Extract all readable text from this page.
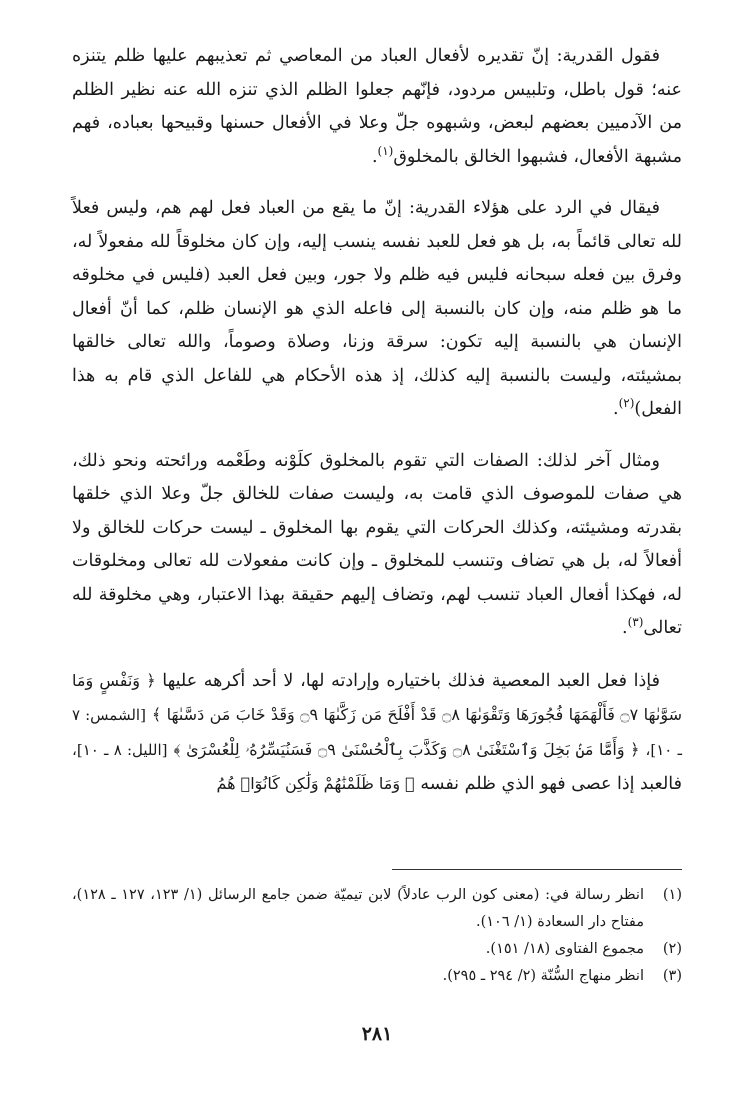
فقول القدرية: إنّ تقديره لأفعال العباد من المعاصي ثم تعذيبهم عليها ظلم يتنزه عنه؛ قول باطل، وتلبيس مردود، فإنّهم جعلوا الظلم الذي تنزه الله عنه نظير الظلم من الآدميين بعضهم لبعض، وشبهوه جلّ وعلا في الأفعال حسنها وقبيحها بعباده، فهم مشبهة الأفعال، فشبهوا الخالق بالمخلوق$^{(١)}$.

فيقال في الرد على هؤلاء القدرية: إنّ ما يقع من العباد فعل لهم هم، وليس فعلاً لله تعالى قائماً به، بل هو فعل للعبد نفسه ينسب إليه، وإن كان مخلوقاً لله مفعولاً له، وفرق بين فعله سبحانه فليس فيه ظلم ولا جور، وبين فعل العبد (فليس في مخلوقه ما هو ظلم منه، وإن كان بالنسبة إلى فاعله الذي هو الإنسان ظلم، كما أنّ أفعال الإنسان هي بالنسبة إليه تكون: سرقة وزنا، وصلاة وصوماً، والله تعالى خالقها بمشيئته، وليست بالنسبة إليه كذلك، إذ هذه الأحكام هي للفاعل الذي قام به هذا الفعل)$^{(٢)}$.

ومثال آخر لذلك: الصفات التي تقوم بالمخلوق كلَوْنه وطَعْمه ورائحته ونحو ذلك، هي صفات للموصوف الذي قامت به، وليست صفات للخالق جلّ وعلا الذي خلقها بقدرته ومشيئته، وكذلك الحركات التي يقوم بها المخلوق ـ ليست حركات للخالق ولا أفعالاً له، بل هي تضاف وتنسب للمخلوق ـ وإن كانت مفعولات لله تعالى ومخلوقات له، فهكذا أفعال العباد تنسب لهم، وتضاف إليهم حقيقة بهذا الاعتبار، وهي مخلوقة لله تعالى$^{(٣)}$.

فإذا فعل العبد المعصية فذلك باختياره وإرادته لها، لا أحد أكرهه عليها ﴿ وَنَفْسٍ وَمَا سَوَّىٰهَا ۝٧ فَأَلْهَمَهَا فُجُورَهَا وَتَقْوَىٰهَا ۝٨ قَدْ أَفْلَحَ مَن زَكَّىٰهَا ۝٩ وَقَدْ خَابَ مَن دَسَّىٰهَا ﴾ [الشمس: ٧ ـ ١٠]، ﴿ وَأَمَّا مَنۢ بَخِلَ وَٱسْتَغْنَىٰ ۝٨ وَكَذَّبَ بِٱلْحُسْنَىٰ ۝٩ فَسَنُيَسِّرُهُۥ لِلْعُسْرَىٰ ﴾ [الليل: ٨ ـ ١٠]، فالعبد إذا عصى فهو الذي ظلم نفسه ﴿ وَمَا ظَلَمْنَٰهُمْ وَلَٰكِن كَانُوٓا۟ هُمُ

(١)
انظر رسالة في: (معنى كون الرب عادلاً) لابن تيميّة ضمن جامع الرسائل (١/ ١٢٣، ١٢٧ ـ ١٢٨)، مفتاح دار السعادة (١/ ١٠٦).
(٢)
مجموع الفتاوى (١٨/ ١٥١).
(٣)
انظر منهاج السُّنّة (٢/ ٢٩٤ ـ ٢٩٥).
٢٨١
